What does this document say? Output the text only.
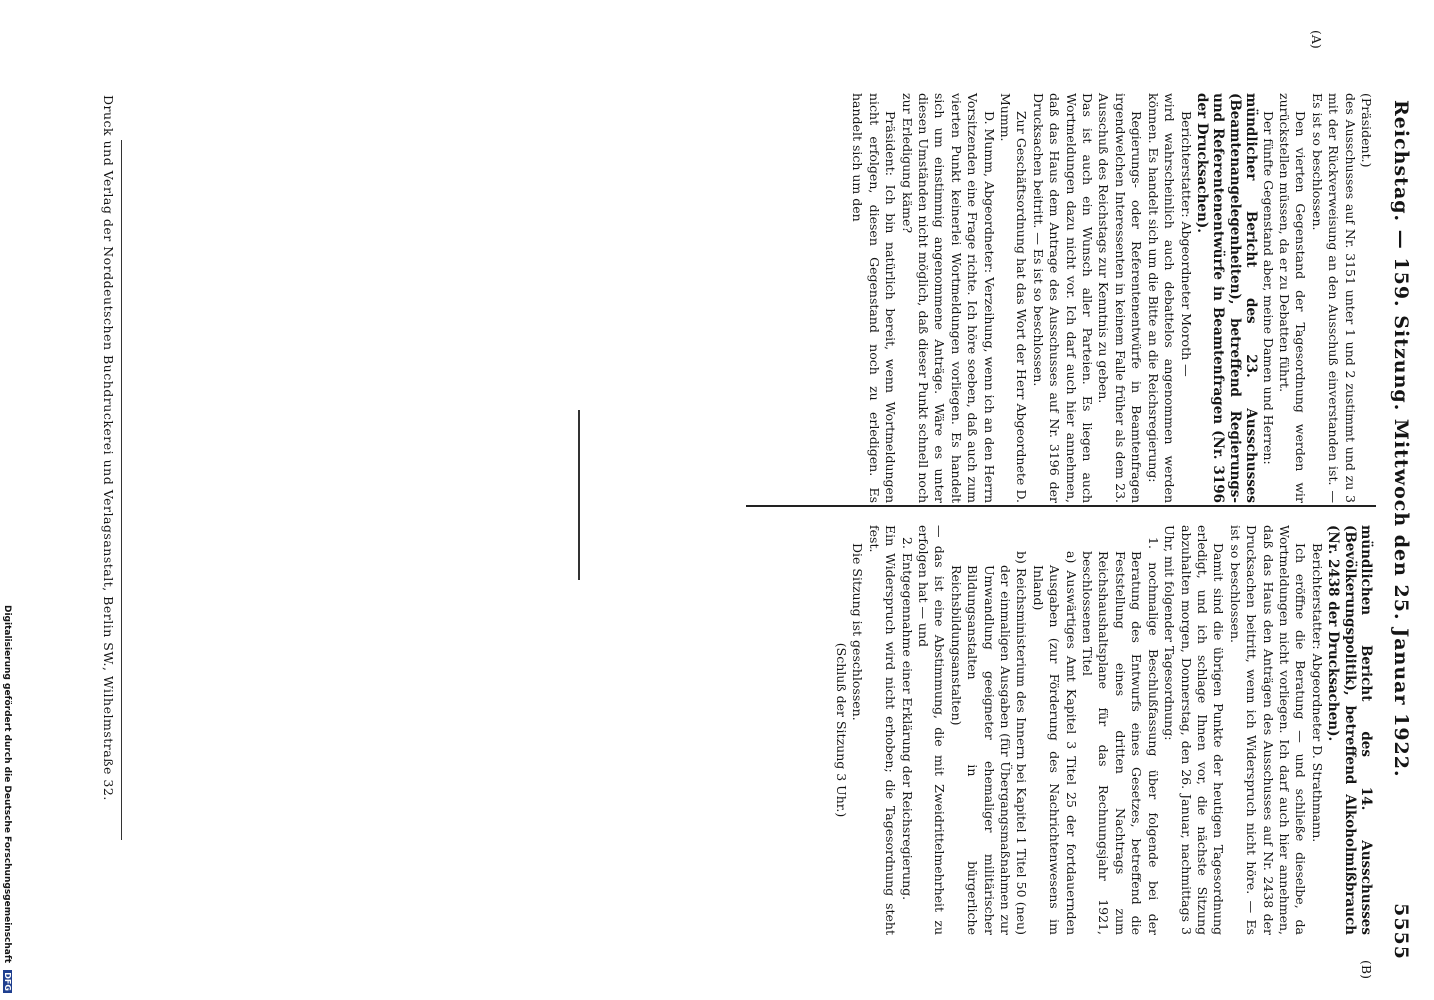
Reichstag. — 159. Sitzung. Mittwoch den 25. Januar 1922.
5555
(A)
(B)

(Präsident.)

des Ausschusses auf Nr. 3151 unter 1 und 2 zustimmt und zu 3 mit der Rückverweisung an den Ausschuß einverstanden ist. — Es ist so beschlossen.

Den vierten Gegenstand der Tagesordnung werden wir zurückstellen müssen, da er zu Debatten führt.

Der fünfte Gegenstand aber, meine Damen und Herren:

mündlicher Bericht des 23. Ausschusses (Beamtenangelegenheiten), betreffend Regierungs- und Referentenentwürfe in Beamtenfragen (Nr. 3196 der Drucksachen).

Berichterstatter: Abgeordneter Moroth —

wird wahrscheinlich auch debattelos angenommen werden können. Es handelt sich um die Bitte an die Reichsregierung:

Regierungs- oder Referentenentwürfe in Beamtenfragen irgendwelchen Interessenten in keinem Falle früher als dem 23. Ausschuß des Reichstags zur Kenntnis zu geben.

Das ist auch ein Wunsch aller Parteien. Es liegen auch Wortmeldungen dazu nicht vor. Ich darf auch hier annehmen, daß das Haus dem Antrage des Ausschusses auf Nr. 3196 der Drucksachen beitritt. — Es ist so beschlossen.

Zur Geschäftsordnung hat das Wort der Herr Abgeordnete D. Mumm.

D. Mumm, Abgeordneter: Verzeihung, wenn ich an den Herrn Vorsitzenden eine Frage richte. Ich höre soeben, daß auch zum vierten Punkt keinerlei Wortmeldungen vorliegen. Es handelt sich um einstimmig angenommene Anträge. Wäre es unter diesen Umständen nicht möglich, daß dieser Punkt schnell noch zur Erledigung käme?

Präsident: Ich bin natürlich bereit, wenn Wortmeldungen nicht erfolgen, diesen Gegenstand noch zu erledigen. Es handelt sich um den

mündlichen Bericht des 14. Ausschusses (Bevölkerungspolitik), betreffend Alkoholmißbrauch (Nr. 2438 der Drucksachen).

Berichterstatter: Abgeordneter D. Strathmann.

Ich eröffne die Beratung — und schließe dieselbe, da Wortmeldungen nicht vorliegen. Ich darf auch hier annehmen, daß das Haus den Anträgen des Ausschusses auf Nr. 2438 der Drucksachen beitritt, wenn ich Widerspruch nicht höre. — Es ist so beschlossen.

Damit sind die übrigen Punkte der heutigen Tagesordnung erledigt, und ich schlage Ihnen vor, die nächste Sitzung abzuhalten morgen, Donnerstag, den 26. Januar, nachmittags 3 Uhr, mit folgender Tagesordnung:

1. nochmalige Beschlußfassung über folgende bei der Beratung des Entwurfs eines Gesetzes, betreffend die Feststellung eines dritten Nachtrags zum Reichshaushaltsplane für das Rechnungsjahr 1921, beschlossenen Titel

a) Auswärtiges Amt Kapitel 3 Titel 25 der fortdauernden Ausgaben (zur Förderung des Nachrichtenwesens im Inland)

b) Reichsministerium des Innern bei Kapitel 1 Titel 50 (neu) der einmaligen Ausgaben (für Übergangsmaßnahmen zur Umwandlung geeigneter ehemaliger militärischer Bildungsanstalten in bürgerliche Reichsbildungsanstalten)

— das ist eine Abstimmung, die mit Zweidrittelmehrheit zu erfolgen hat — und

2. Entgegennahme einer Erklärung der Reichsregierung.

Ein Widerspruch wird nicht erhoben; die Tagesordnung steht fest.

Die Sitzung ist geschlossen.

(Schluß der Sitzung 3 Uhr.)

Druck und Verlag der Norddeutschen Buchdruckerei und Verlagsanstalt, Berlin SW., Wilhelmstraße 32.
Digitalisierung gefördert durch die Deutsche Forschungsgemeinschaft DFG
